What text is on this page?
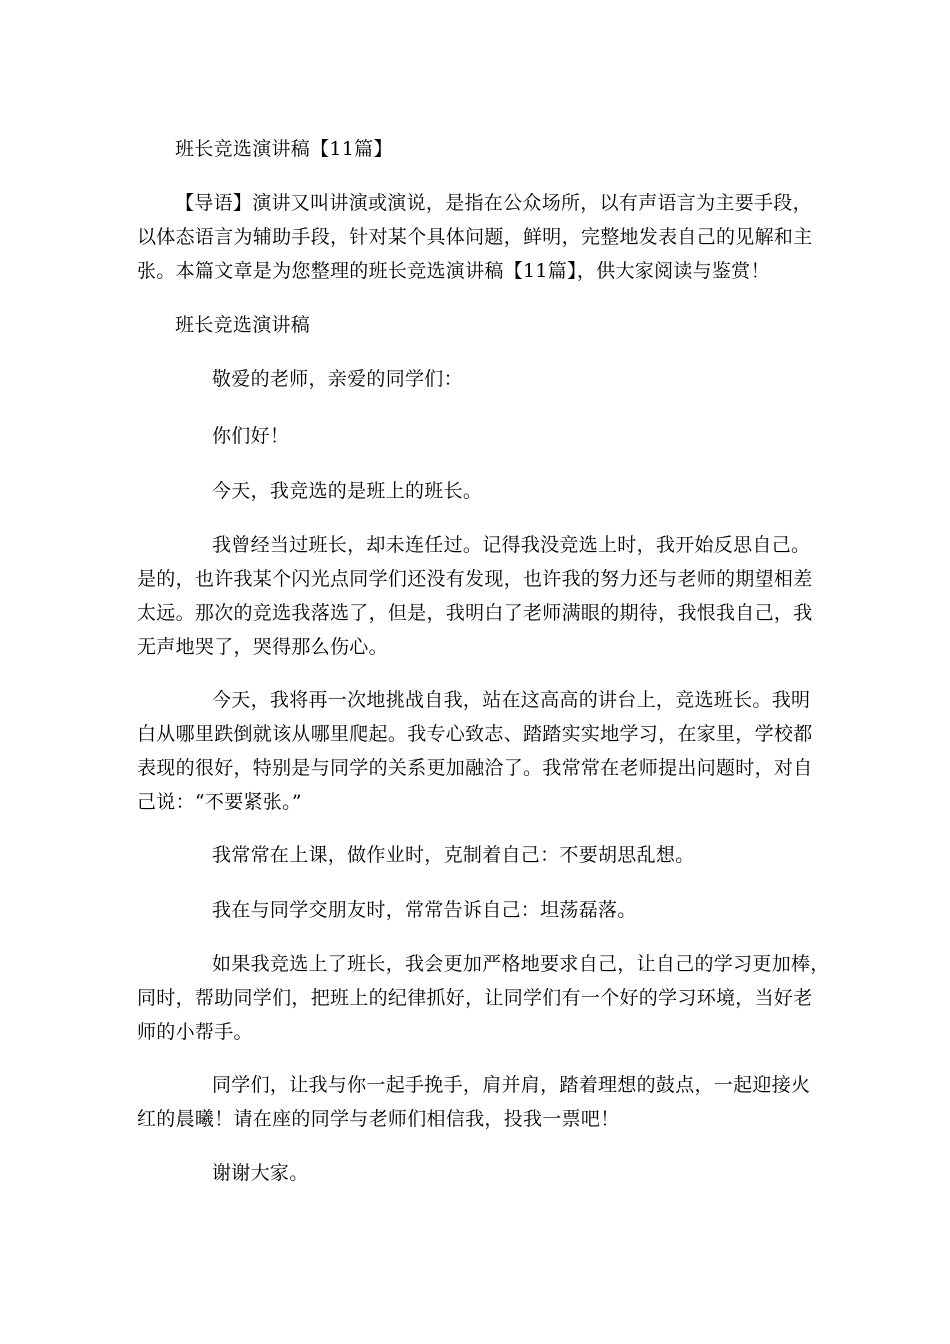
班长竞选演讲稿【11篇】
【导语】演讲又叫讲演或演说，是指在公众场所，以有声语言为主要手段，
以体态语言为辅助手段，针对某个具体问题，鲜明，完整地发表自己的见解和主
张。本篇文章是为您整理的班长竞选演讲稿【11篇】，供大家阅读与鉴赏！
班长竞选演讲稿
敬爱的老师，亲爱的同学们：
你们好！
今天，我竞选的是班上的班长。
我曾经当过班长，却未连任过。记得我没竞选上时，我开始反思自己。
是的，也许我某个闪光点同学们还没有发现，也许我的努力还与老师的期望相差
太远。那次的竞选我落选了，但是，我明白了老师满眼的期待，我恨我自己，我
无声地哭了，哭得那么伤心。
今天，我将再一次地挑战自我，站在这高高的讲台上，竞选班长。我明
白从哪里跌倒就该从哪里爬起。我专心致志、踏踏实实地学习，在家里，学校都
表现的很好，特别是与同学的关系更加融洽了。我常常在老师提出问题时，对自
己说：“不要紧张。”
我常常在上课，做作业时，克制着自己：不要胡思乱想。
我在与同学交朋友时，常常告诉自己：坦荡磊落。
如果我竞选上了班长，我会更加严格地要求自己，让自己的学习更加棒，
同时，帮助同学们，把班上的纪律抓好，让同学们有一个好的学习环境，当好老
师的小帮手。
同学们，让我与你一起手挽手，肩并肩，踏着理想的鼓点，一起迎接火
红的晨曦！请在座的同学与老师们相信我，投我一票吧！
谢谢大家。
